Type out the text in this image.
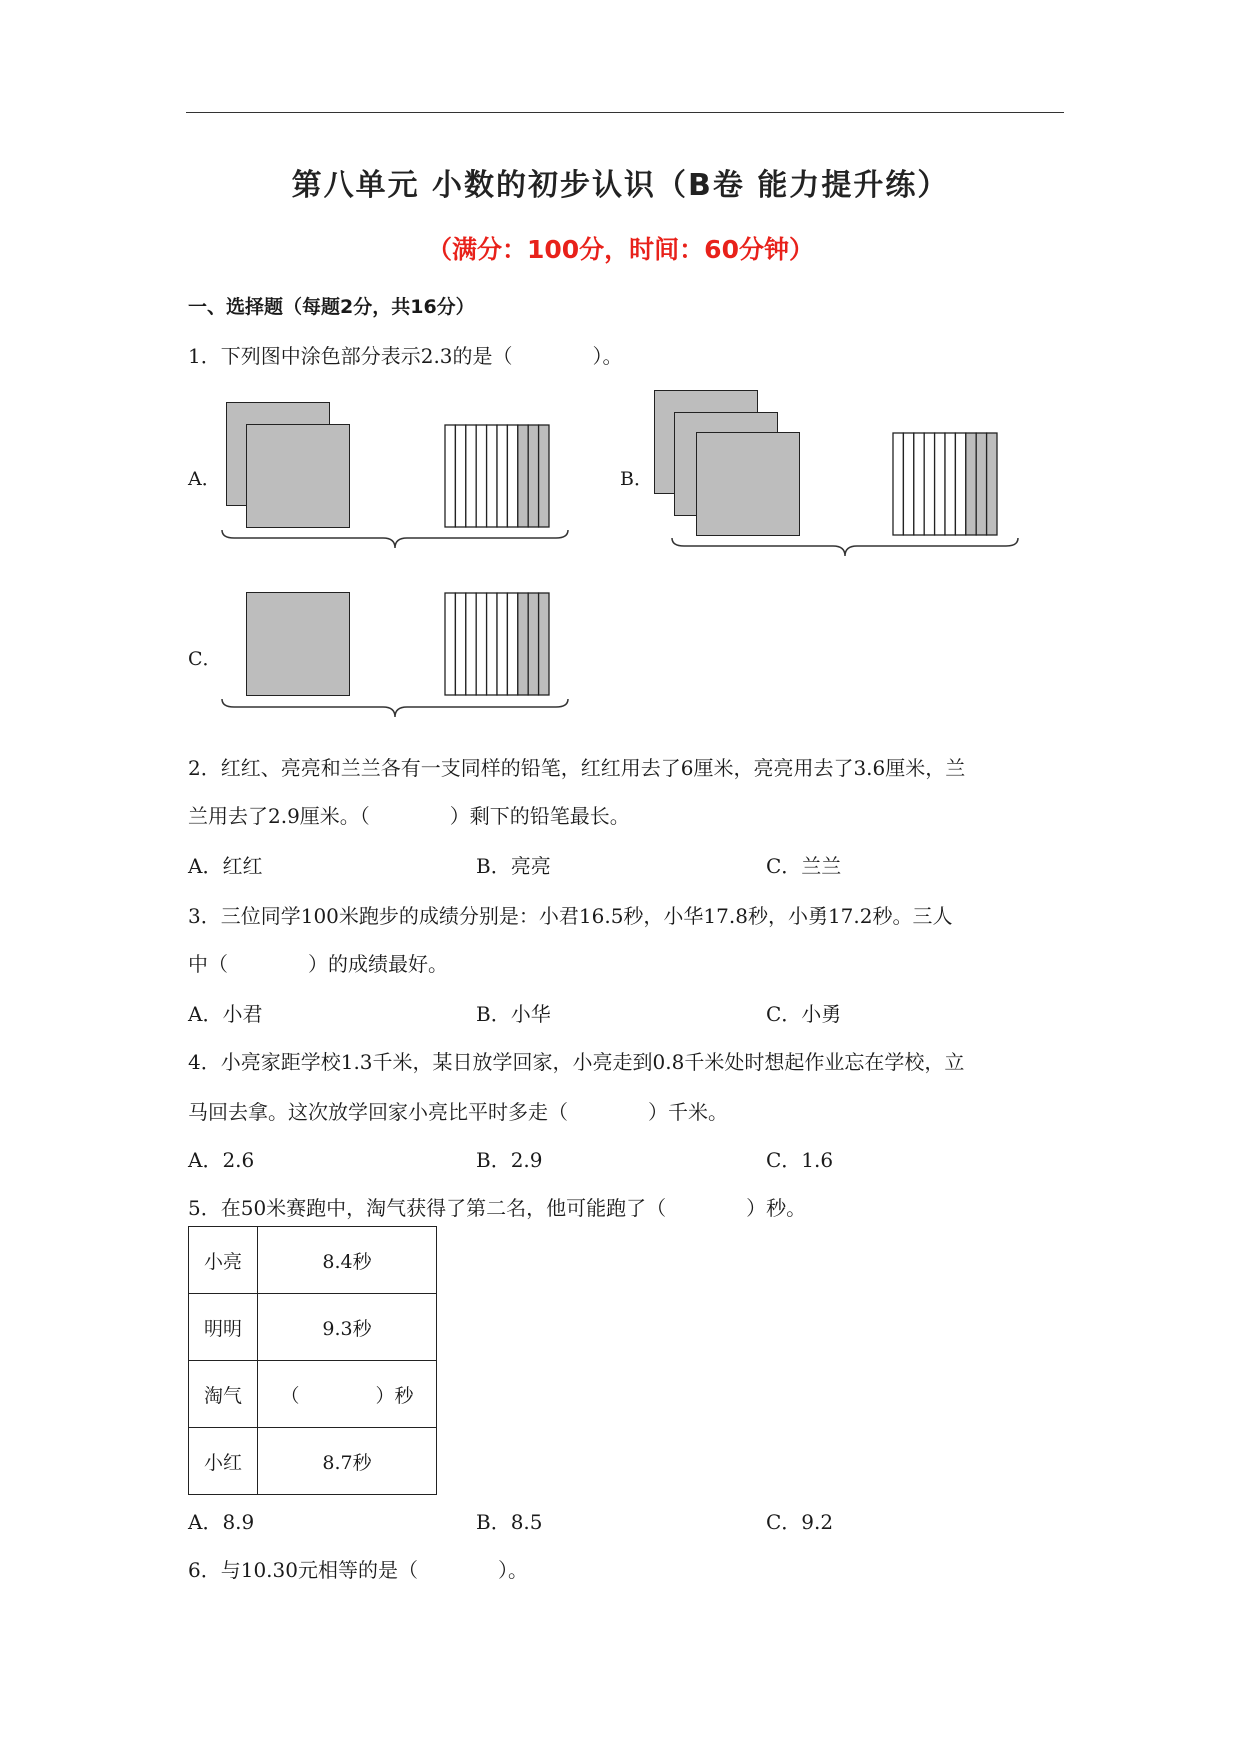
第八单元 小数的初步认识（B卷 能力提升练）
（满分：100分，时间：60分钟）
一、选择题（每题2分，共16分）
1．下列图中涂色部分表示2.3的是（　　　　）。
A．	B．
C．
2．红红、亮亮和兰兰各有一支同样的铅笔，红红用去了6厘米，亮亮用去了3.6厘米，兰
兰用去了2.9厘米。（　　　　）剩下的铅笔最长。
A．红红	B．亮亮	C．兰兰
3．三位同学100米跑步的成绩分别是：小君16.5秒，小华17.8秒，小勇17.2秒。三人
中（　　　　）的成绩最好。
A．小君	B．小华	C．小勇
4．小亮家距学校1.3千米，某日放学回家，小亮走到0.8千米处时想起作业忘在学校，立
马回去拿。这次放学回家小亮比平时多走（　　　　）千米。
A．2.6	B．2.9	C．1.6
5．在50米赛跑中，淘气获得了第二名，他可能跑了（　　　　）秒。
小亮	8.4秒
明明	9.3秒
淘气	（　　　　）秒
小红	8.7秒
A．8.9	B．8.5	C．9.2
6．与10.30元相等的是（　　　　）。
